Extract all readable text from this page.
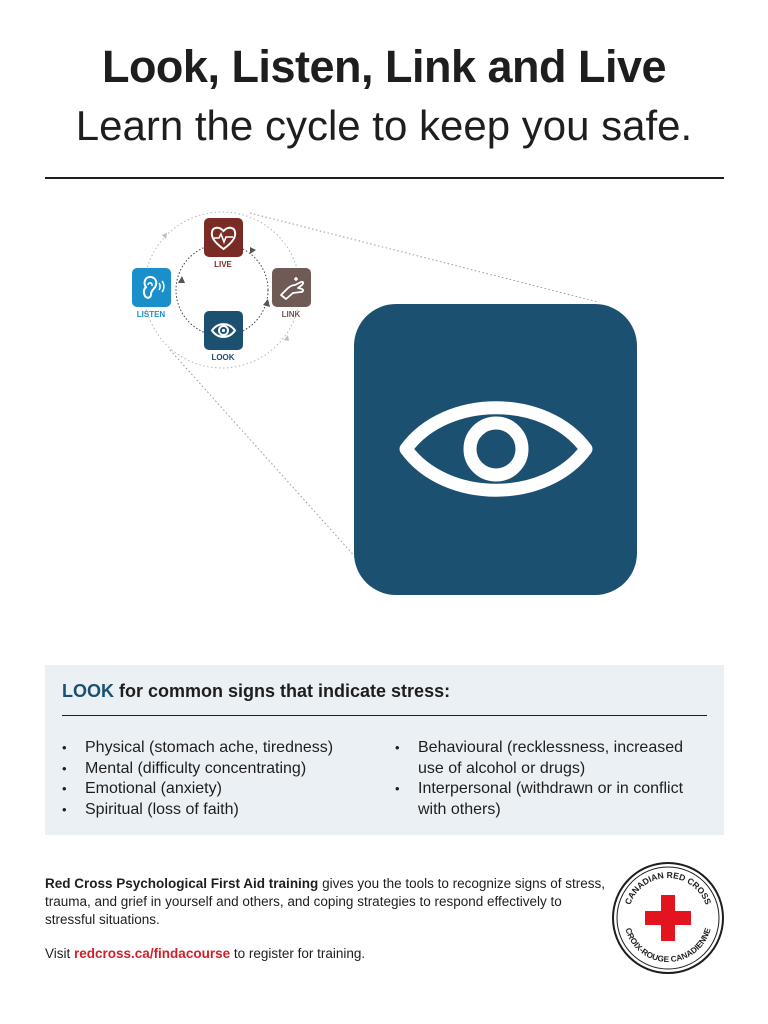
Look, Listen, Link and Live
Learn the cycle to keep you safe.
LIVE
LISTEN	LINK
LOOK
LOOK for common signs that indicate stress:
• Physical (stomach ache, tiredness)
• Mental (difficulty concentrating)
• Emotional (anxiety)
• Spiritual (loss of faith)
• Behavioural (recklessness, increased use of alcohol or drugs)
• Interpersonal (withdrawn or in conflict with others)
Red Cross Psychological First Aid training gives you the tools to recognize signs of stress, trauma, and grief in yourself and others, and coping strategies to respond effectively to stressful situations.
Visit redcross.ca/findacourse to register for training.
CANADIAN RED CROSS
CROIX-ROUGE CANADIENNE
